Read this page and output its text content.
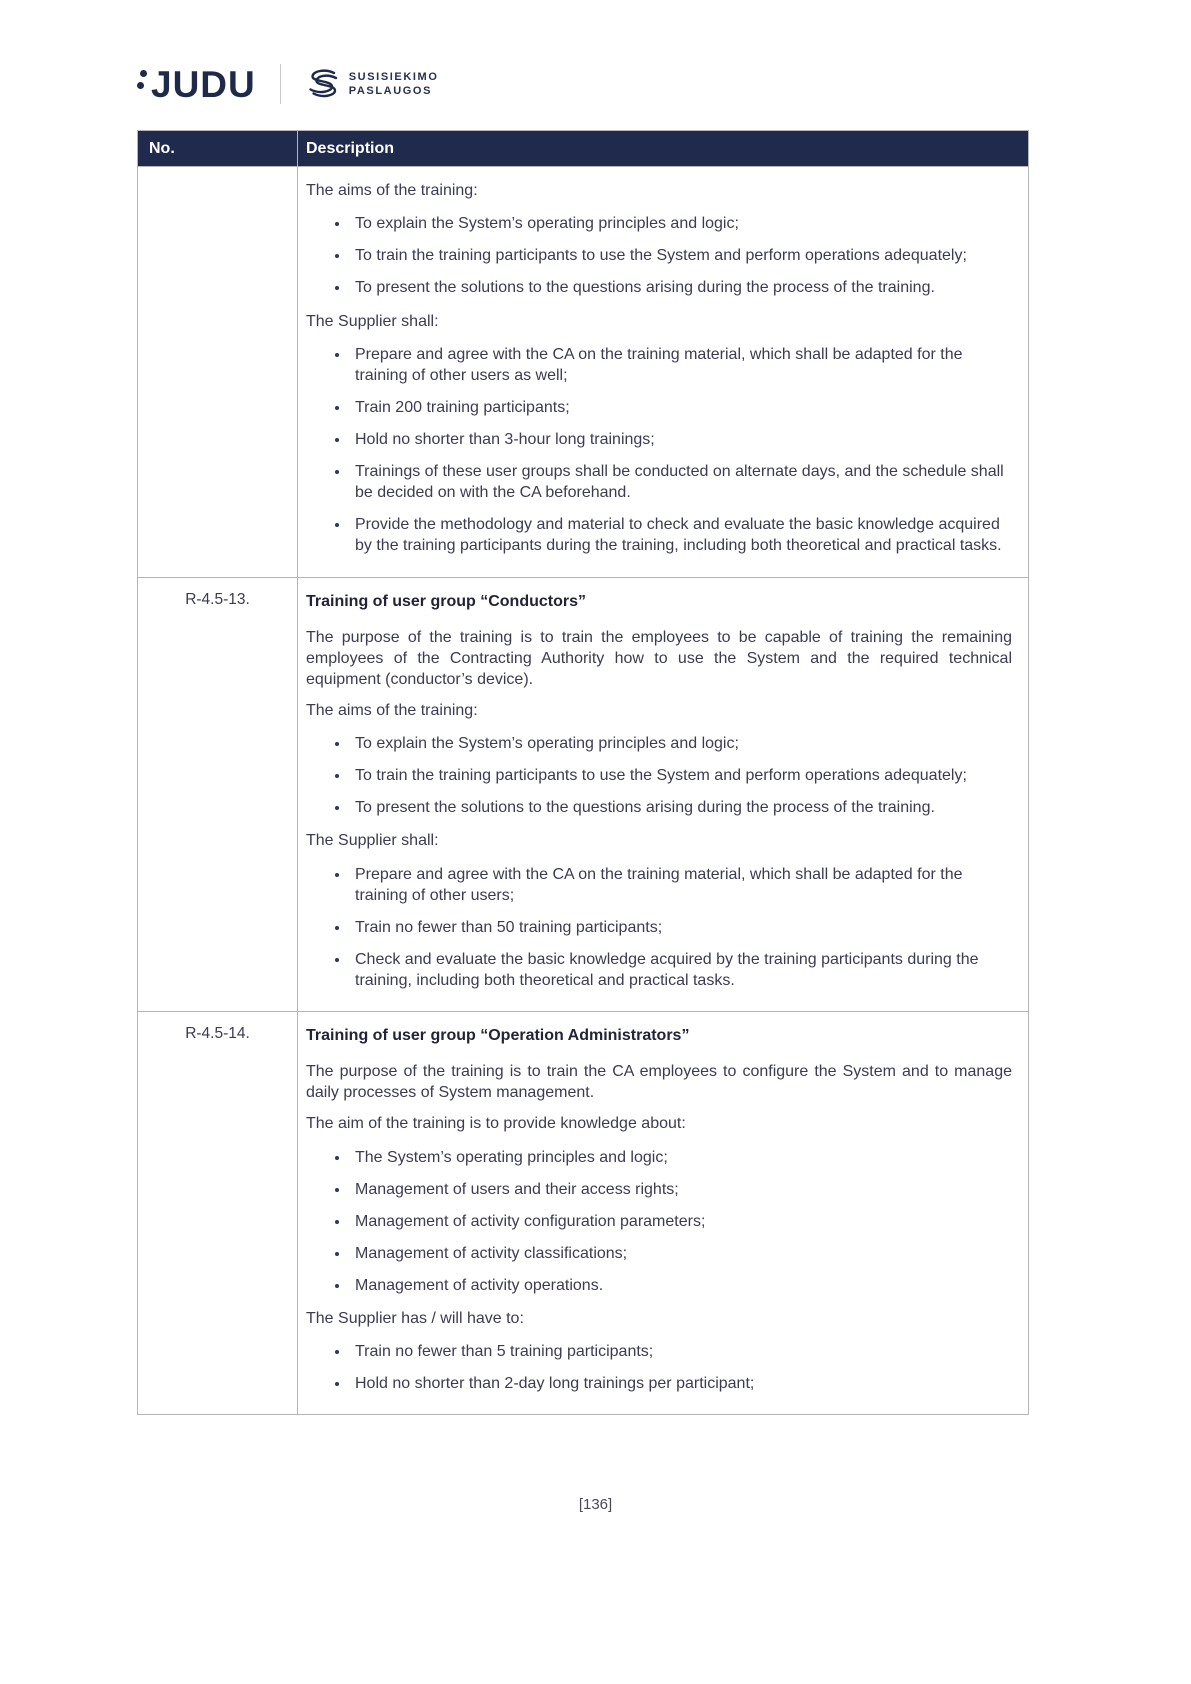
JUDU	SUSISIEKIMO
PASLAUGOS
No.	Description

The aims of the training:

• To explain the System’s operating principles and logic;
• To train the training participants to use the System and perform operations adequately;
• To present the solutions to the questions arising during the process of the training.

The Supplier shall:

• Prepare and agree with the CA on the training material, which shall be adapted for the training of other users as well;
• Train 200 training participants;
• Hold no shorter than 3-hour long trainings;
• Trainings of these user groups shall be conducted on alternate days, and the schedule shall be decided on with the CA beforehand.
• Provide the methodology and material to check and evaluate the basic knowledge acquired by the training participants during the training, including both theoretical and practical tasks.

R-4.5-13.	Training of user group “Conductors”

The purpose of the training is to train the employees to be capable of training the remaining employees of the Contracting Authority how to use the System and the required technical equipment (conductor’s device).

The aims of the training:

• To explain the System’s operating principles and logic;
• To train the training participants to use the System and perform operations adequately;
• To present the solutions to the questions arising during the process of the training.

The Supplier shall:

• Prepare and agree with the CA on the training material, which shall be adapted for the training of other users;
• Train no fewer than 50 training participants;
• Check and evaluate the basic knowledge acquired by the training participants during the training, including both theoretical and practical tasks.

R-4.5-14.	Training of user group “Operation Administrators”

The purpose of the training is to train the CA employees to configure the System and to manage daily processes of System management.

The aim of the training is to provide knowledge about:

• The System’s operating principles and logic;
• Management of users and their access rights;
• Management of activity configuration parameters;
• Management of activity classifications;
• Management of activity operations.

The Supplier has / will have to:

• Train no fewer than 5 training participants;
• Hold no shorter than 2-day long trainings per participant;
[136]
